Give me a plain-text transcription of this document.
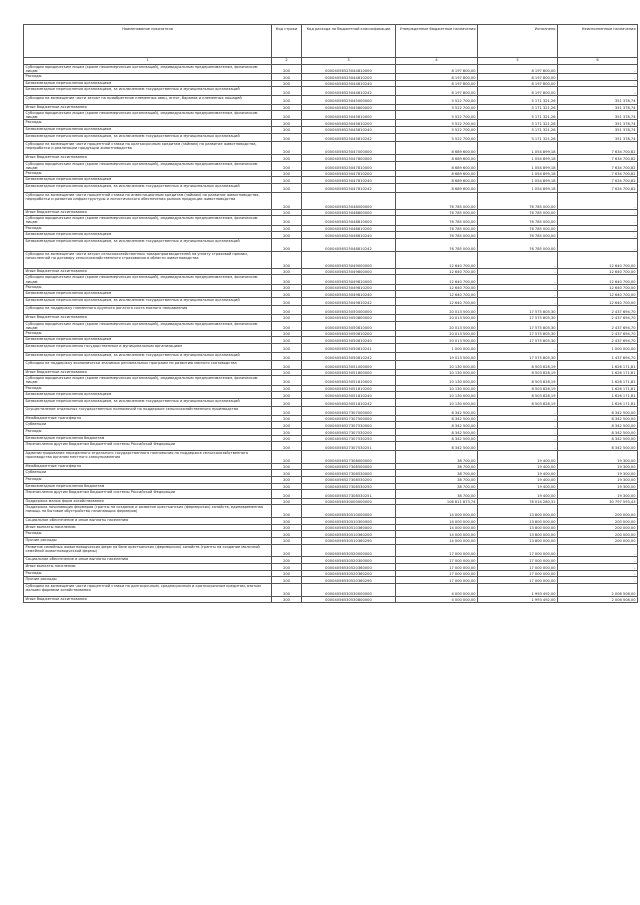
Наименование показателя	Код строки	Код расхода по бюджетной классификации	Утвержденные бюджетные назначения	Исполнено	Неисполненные назначения
1	2	3	4	5	6
Субсидии юридическим лицам (кроме некоммерческих организаций), индивидуальным предпринимателям, физическим лицам	200	00004056525044810000	8 197 800,00	8 197 800,00	-
Расходы	200	00004056525044810200	8 197 800,00	8 197 800,00	-
Безвозмездные перечисления организациям	200	00004056525044810240	8 197 800,00	8 197 800,00	-
Безвозмездные перечисления организациям, за исключением государственных и муниципальных организаций	200	00004056525044810242	8 197 800,00	8 197 800,00	-
Субсидии на возмещение части затрат на приобретение племенных овец, ягнят, баранов и племенных лошадей	200	00004056525045000000	5 522 700,00	5 171 321,26	351 378,74
Иные бюджетные ассигнования	200	00004056525045800000	5 522 700,00	5 171 321,26	351 378,74
Субсидии юридическим лицам (кроме некоммерческих организаций), индивидуальным предпринимателям, физическим лицам	200	00004056525045810000	5 522 700,00	5 171 321,26	351 378,74
Расходы	200	00004056525045810200	5 522 700,00	5 171 321,26	351 378,74
Безвозмездные перечисления организациям	200	00004056525045810240	5 522 700,00	5 171 321,26	351 378,74
Безвозмездные перечисления организациям, за исключением государственных и муниципальных организаций	200	00004056525045810242	5 522 700,00	5 171 321,26	351 378,74
Субсидии на возмещение части процентной ставки по краткосрочным кредитам (займам) на развитие животноводства, переработки и реализации продукции животноводства	200	00004056525047000000	8 689 600,00	1 054 899,18	7 634 700,82
Иные бюджетные ассигнования	200	00004056525047800000	8 689 600,00	1 054 899,18	7 634 700,82
Субсидии юридическим лицам (кроме некоммерческих организаций), индивидуальным предпринимателям, физическим лицам	200	00004056525047810000	8 689 600,00	1 054 899,18	7 634 700,82
Расходы	200	00004056525047810200	8 689 600,00	1 054 899,18	7 634 700,82
Безвозмездные перечисления организациям	200	00004056525047810240	8 689 600,00	1 054 899,18	7 634 700,82
Безвозмездные перечисления организациям, за исключением государственных и муниципальных организаций	200	00004056525047810242	8 689 600,00	1 054 899,18	7 634 700,82
Субсидии на возмещение части процентной ставки по инвестиционным кредитам (займам) на развитие животноводства, переработки и развития инфраструктуры и логистического обеспечения рынков продукции животноводства	200	00004056525048000000	76 785 000,00	76 785 000,00	-
Иные бюджетные ассигнования	200	00004056525048800000	76 785 000,00	76 785 000,00	-
Субсидии юридическим лицам (кроме некоммерческих организаций), индивидуальным предпринимателям, физическим лицам	200	00004056525048810000	76 785 000,00	76 785 000,00	-
Расходы	200	00004056525048810200	76 785 000,00	76 785 000,00	-
Безвозмездные перечисления организациям	200	00004056525048810240	76 785 000,00	76 785 000,00	-
Безвозмездные перечисления организациям, за исключением государственных и муниципальных организаций	200	00004056525048810242	76 785 000,00	76 785 000,00	-
Субсидии на возмещение части затрат сельскохозяйственных товаропроизводителей на уплату страховой премии, начисленной по договору сельскохозяйственного страхования в области животноводства	200	00004056525049000000	12 640 700,00	-	12 640 700,00
Иные бюджетные ассигнования	200	00004056525049800000	12 640 700,00	-	12 640 700,00
Субсидии юридическим лицам (кроме некоммерческих организаций), индивидуальным предпринимателям, физическим лицам	200	00004056525049810000	12 640 700,00	-	12 640 700,00
Расходы	200	00004056525049810200	12 640 700,00	-	12 640 700,00
Безвозмездные перечисления организациям	200	00004056525049810240	12 640 700,00	-	12 640 700,00
Безвозмездные перечисления организациям, за исключением государственных и муниципальных организаций	200	00004056525049810242	12 640 700,00	-	12 640 700,00
Субсидии на поддержку племенного крупного рогатого скота мясного направления	200	00004056525050000000	20 013 500,00	17 575 805,30	2 437 694,70
Иные бюджетные ассигнования	200	00004056525050800000	20 013 500,00	17 575 805,30	2 437 694,70
Субсидии юридическим лицам (кроме некоммерческих организаций), индивидуальным предпринимателям, физическим лицам	200	00004056525050810000	20 013 500,00	17 575 805,30	2 437 694,70
Расходы	200	00004056525050810200	20 013 500,00	17 575 805,30	2 437 694,70
Безвозмездные перечисления организациям	200	00004056525050810240	20 013 500,00	17 575 805,30	2 437 694,70
Безвозмездные перечисления государственным и муниципальным организациям	200	00004056525050810241	1 000 000,00	-	1 000 000,00
Безвозмездные перечисления организациям, за исключением государственных и муниципальных организаций	200	00004056525050810242	19 013 500,00	17 575 805,30	1 437 694,70
Субсидии на поддержку экономически значимых региональных программ по развитию мясного скотоводства	200	00004056525051000000	10 130 000,00	8 503 828,19	1 626 171,81
Иные бюджетные ассигнования	200	00004056525051800000	10 130 000,00	8 503 828,19	1 626 171,81
Субсидии юридическим лицам (кроме некоммерческих организаций), индивидуальным предпринимателям, физическим лицам	200	00004056525051810000	10 130 000,00	8 503 828,19	1 626 171,81
Расходы	200	00004056525051810200	10 130 000,00	8 503 828,19	1 626 171,81
Безвозмездные перечисления организациям	200	00004056525051810240	10 130 000,00	8 503 828,19	1 626 171,81
Безвозмездные перечисления организациям, за исключением государственных и муниципальных организаций	200	00004056525051810242	10 130 000,00	8 503 828,19	1 626 171,81
Осуществление отдельных государственных полномочий по поддержке сельскохозяйственного производства	200	00004056527307000000	8 342 500,00	-	8 342 500,00
Межбюджетные трансферты	200	00004056527307500000	8 342 500,00	-	8 342 500,00
Субвенции	200	00004056527307530000	8 342 500,00	-	8 342 500,00
Расходы	200	00004056527307530200	8 342 500,00	-	8 342 500,00
Безвозмездные перечисления бюджетам	200	00004056527307530250	8 342 500,00	-	8 342 500,00
Перечисления другим бюджетам бюджетной системы Российской Федерации	200	00004056527307530251	8 342 500,00	-	8 342 500,00
Администрирование переданного отдельного государственного полномочия по поддержке сельскохозяйственного производства органам местного самоуправления	200	00004056527308000000	38 700,00	19 400,00	19 300,00
Межбюджетные трансферты	200	00004056527308500000	38 700,00	19 400,00	19 300,00
Субвенции	200	00004056527308530000	38 700,00	19 400,00	19 300,00
Расходы	200	00004056527308530200	38 700,00	19 400,00	19 300,00
Безвозмездные перечисления бюджетам	200	00004056527308530250	38 700,00	19 400,00	19 300,00
Перечисления другим бюджетам бюджетной системы Российской Федерации	200	00004056527308530251	38 700,00	19 400,00	19 300,00
Поддержка малых форм хозяйствования	200	00004056530000000000	106 811 873,74	76 014 280,31	30 797 593,43
Поддержка начинающих фермеров (гранты на создание и развитие крестьянских (фермерских) хозяйств, единовременная помощь на бытовое обустройство начинающих фермеров)	200	00004056530510000000	14 000 000,00	13 800 000,00	200 000,00
Социальное обеспечение и иные выплаты населению	200	00004056530510300000	14 000 000,00	13 800 000,00	200 000,00
Иные выплаты населению	200	00004056530510360000	14 000 000,00	13 800 000,00	200 000,00
Расходы	200	00004056530510360200	14 000 000,00	13 800 000,00	200 000,00
Прочие расходы	200	00004056530510360290	14 000 000,00	13 800 000,00	200 000,00
Развитие семейных животноводческих ферм на базе крестьянских (фермерских) хозяйств (гранты на создание молочной семейной животноводческой фермы)	200	00004056530520000000	17 000 000,00	17 000 000,00	-
Социальное обеспечение и иные выплаты населению	200	00004056530520300000	17 000 000,00	17 000 000,00	-
Иные выплаты населению	200	00004056530520360000	17 000 000,00	17 000 000,00	-
Расходы	200	00004056530520360200	17 000 000,00	17 000 000,00	-
Прочие расходы	200	00004056530520360290	17 000 000,00	17 000 000,00	-
Субсидии на возмещение части процентной ставки по долгосрочным, среднесрочным и краткосрочным кредитам, взятым малыми формами хозяйствования	200	00004056530530000000	4 000 000,00	1 993 492,00	2 006 508,00
Иные бюджетные ассигнования	200	00004056530530800000	4 000 000,00	1 993 492,00	2 006 508,00
